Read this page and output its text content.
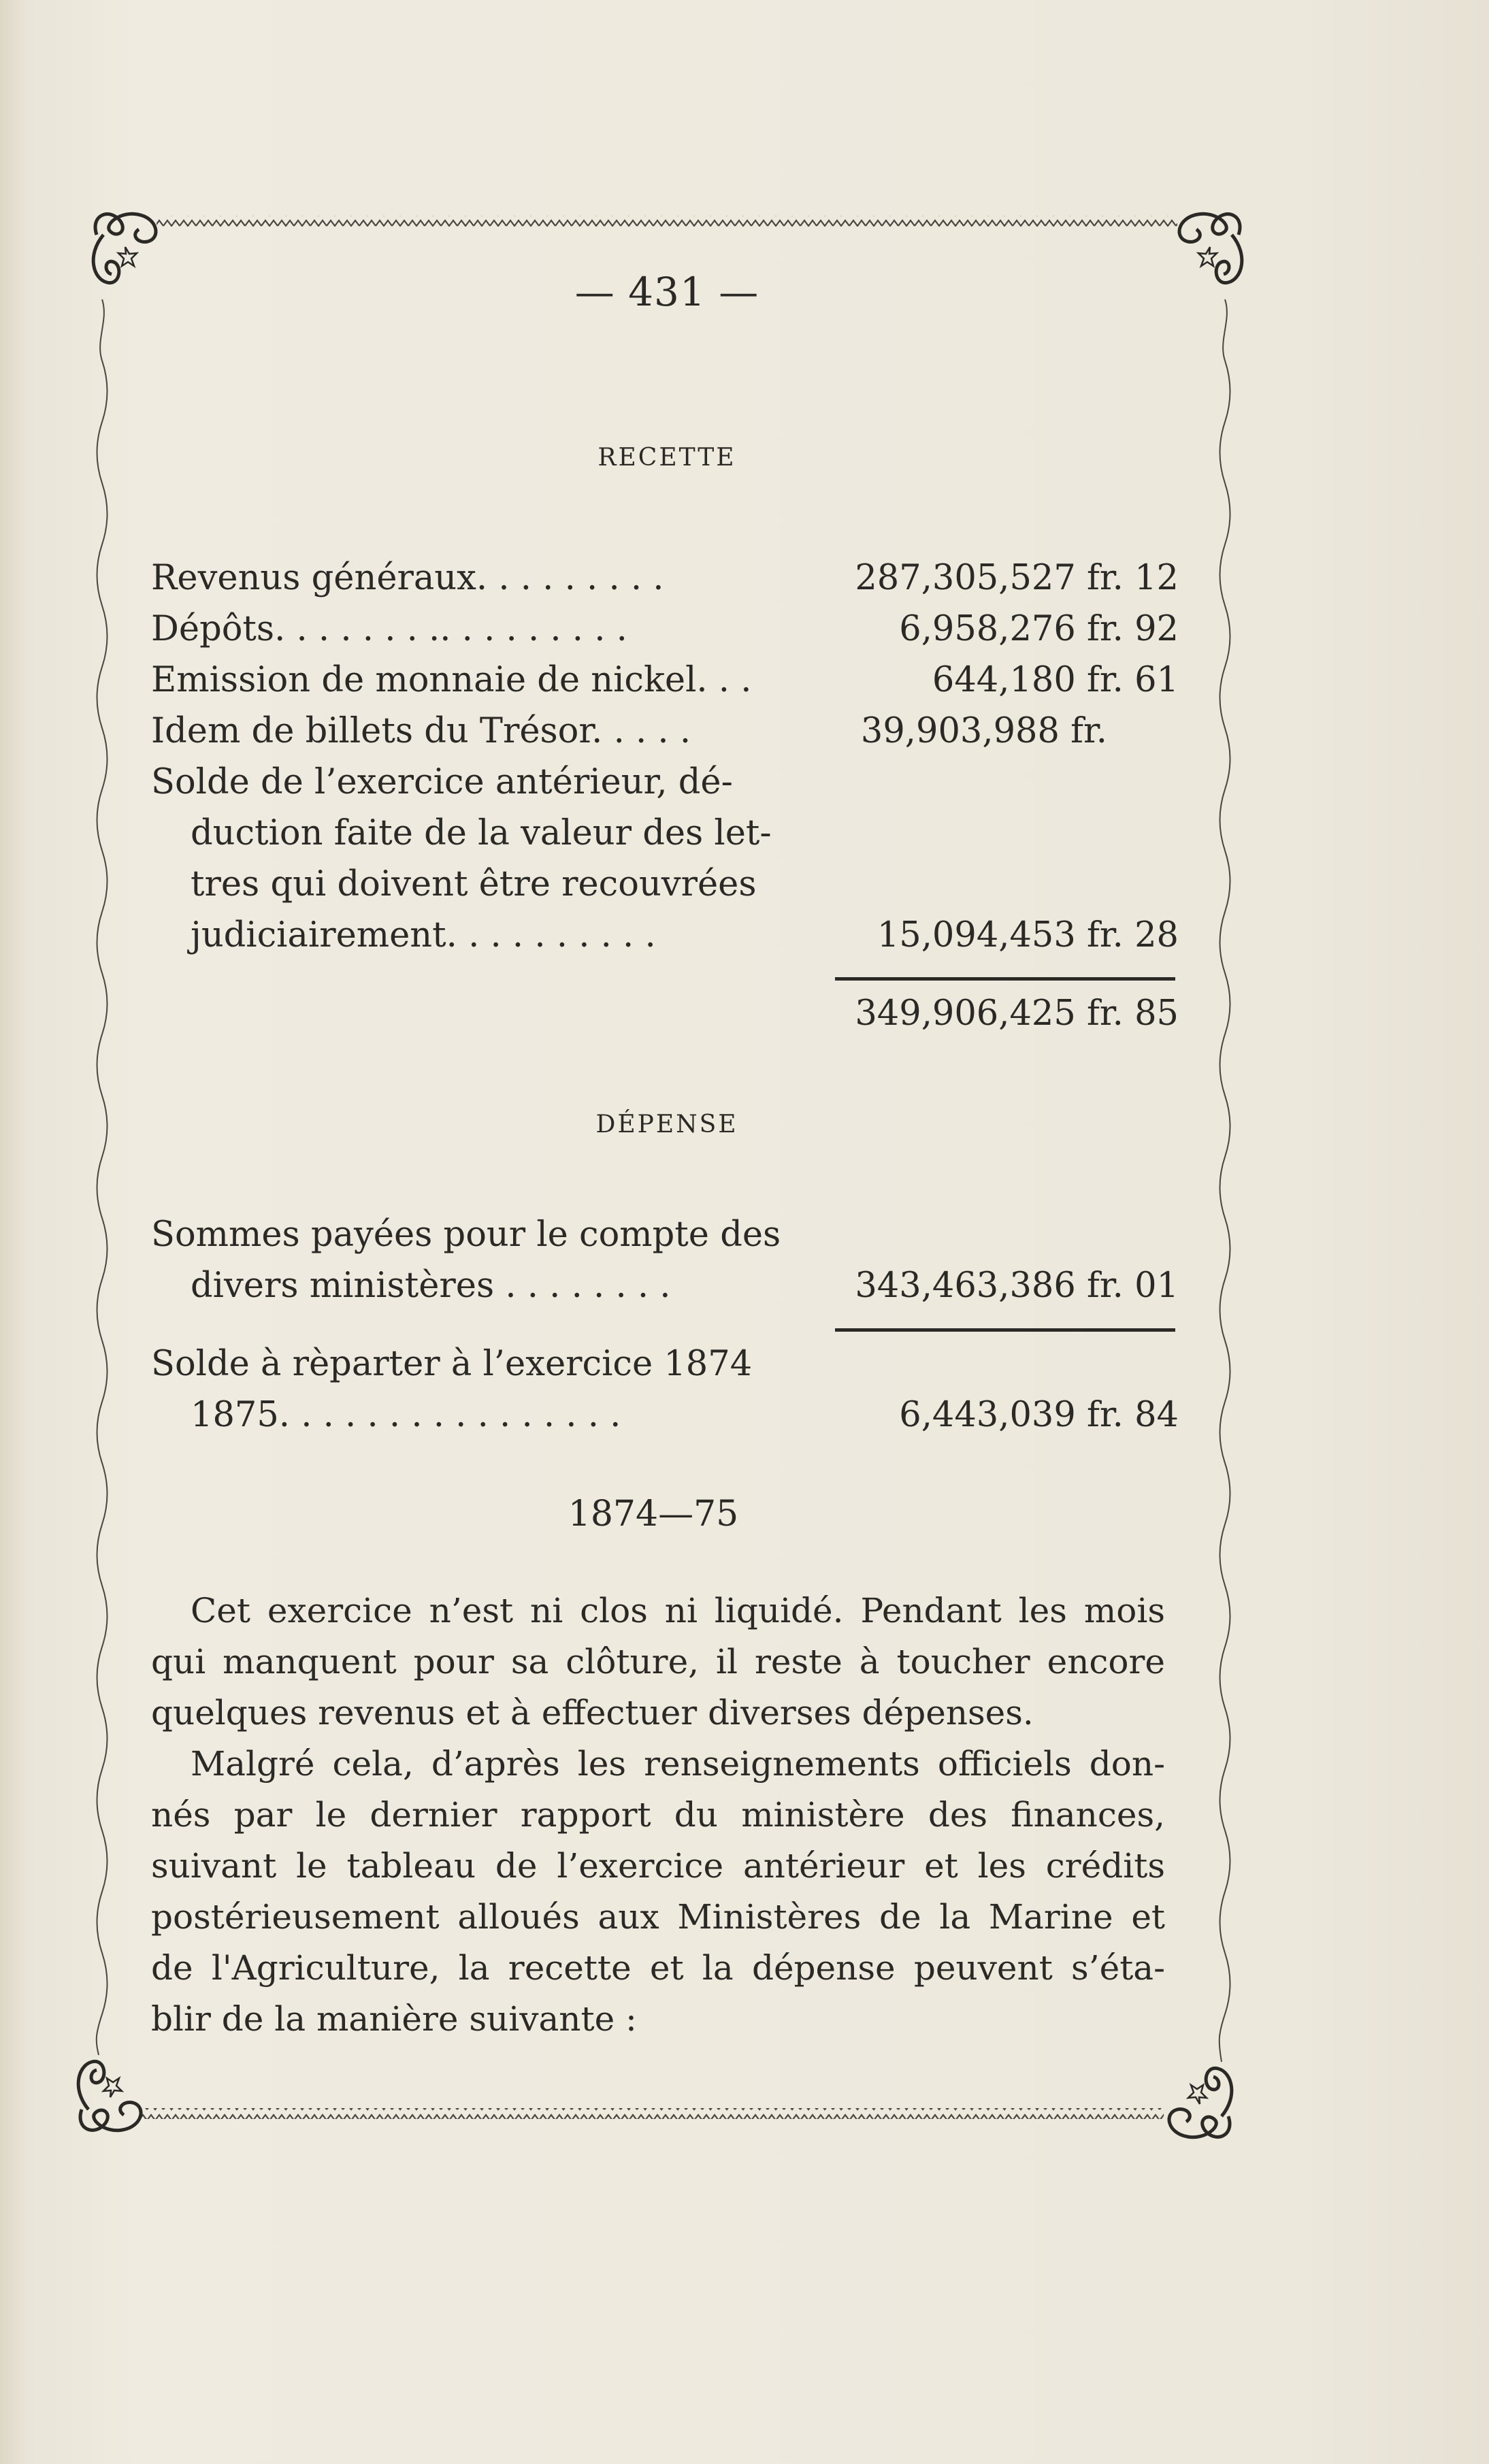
— 431 —
RECETTE
Revenus généraux. . . . . . . . .	287,305,527 fr. 12
Dépôts. . . . . . . .. . . . . . . . .	6,958,276 fr. 92
Emission de monnaie de nickel. . .	644,180 fr. 61
Idem de billets du Trésor. . . . .	39,903,988 fr.
Solde de l’exercice antérieur, dé-
duction faite de la valeur des let-
tres qui doivent être recouvrées
judiciairement. . . . . . . . . .	15,094,453 fr. 28
349,906,425 fr. 85
DÉPENSE
Sommes payées pour le compte des
divers ministères . . . . . . . .	343,463,386 fr. 01
Solde à rèparter à l’exercice 1874
1875. . . . . . . . . . . . . . . .	6,443,039 fr. 84
1874—75
Cet exercice n’est ni clos ni liquidé. Pendant les mois
qui manquent pour sa clôture, il reste à toucher encore
quelques revenus et à effectuer diverses dépenses.
Malgré cela, d’après les renseignements officiels don-
nés par le dernier rapport du ministère des finances,
suivant le tableau de l’exercice antérieur et les crédits
postérieusement alloués aux Ministères de la Marine et
de l'Agriculture, la recette et la dépense peuvent s’éta-
blir de la manière suivante :
